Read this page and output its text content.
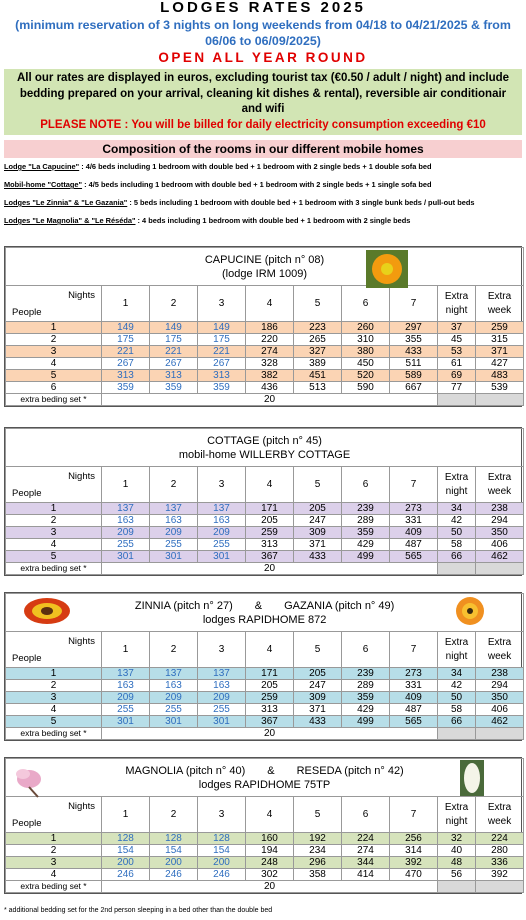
LODGES RATES 2025
(minimum reservation of 3 nights on long weekends from 04/18 to 04/21/2025 & from 06/06 to 06/09/2025)
OPEN ALL YEAR ROUND
All our rates are displayed in euros, excluding tourist tax (€0.50 / adult / night) and include bedding prepared on your arrival, cleaning kit dishes & rental), reversible air conditionair and wifi
PLEASE NOTE : You will be billed for daily electricity consumption exceeding €10
Composition of the rooms in our different mobile homes
Lodge "La Capucine" : 4/6 beds including 1 bedroom with double bed + 1 bedroom with 2 single beds + 1 double sofa bed
Mobil-home "Cottage" : 4/5 beds including 1 bedroom with double bed + 1 bedroom with 2 single beds + 1 single sofa bed
Lodges "Le Zinnia" & "Le Gazania" : 5 beds including 1 bedroom with double bed + 1 bedroom with 3 single bunk beds / pull-out beds
Lodges "Le Magnolia" & "Le Réséda" : 4 beds including 1 bedroom with double bed + 1 bedroom with 2 single beds
CAPUCINE (pitch n° 08)
(lodge IRM 1009)									

Nights
People	1	2	3	4	5	6	7	Extra night	Extra week
1	149	149	149	186	223	260	297	37	259
2	175	175	175	220	265	310	355	45	315
3	221	221	221	274	327	380	433	53	371
4	267	267	267	328	389	450	511	61	427
5	313	313	313	382	451	520	589	69	483
6	359	359	359	436	513	590	667	77	539
extra beding set *	20								
COTTAGE (pitch n° 45)
mobil-home WILLERBY COTTAGE									

Nights
People	1	2	3	4	5	6	7	Extra night	Extra week
1	137	137	137	171	205	239	273	34	238
2	163	163	163	205	247	289	331	42	294
3	209	209	209	259	309	359	409	50	350
4	255	255	255	313	371	429	487	58	406
5	301	301	301	367	433	499	565	66	462
extra beding set *	20								
ZINNIA (pitch n° 27) & GAZANIA (pitch n° 49)
lodges RAPIDHOME 872									

Nights
People	1	2	3	4	5	6	7	Extra night	Extra week
1	137	137	137	171	205	239	273	34	238
2	163	163	163	205	247	289	331	42	294
3	209	209	209	259	309	359	409	50	350
4	255	255	255	313	371	429	487	58	406
5	301	301	301	367	433	499	565	66	462
extra beding set *	20								
MAGNOLIA (pitch n° 40) & RESEDA (pitch n° 42)
lodges RAPIDHOME 75TP									

Nights
People	1	2	3	4	5	6	7	Extra night	Extra week
1	128	128	128	160	192	224	256	32	224
2	154	154	154	194	234	274	314	40	280
3	200	200	200	248	296	344	392	48	336
4	246	246	246	302	358	414	470	56	392
extra beding set *	20								
* additional bedding set for the 2nd person sleeping in a bed other than the double bed
